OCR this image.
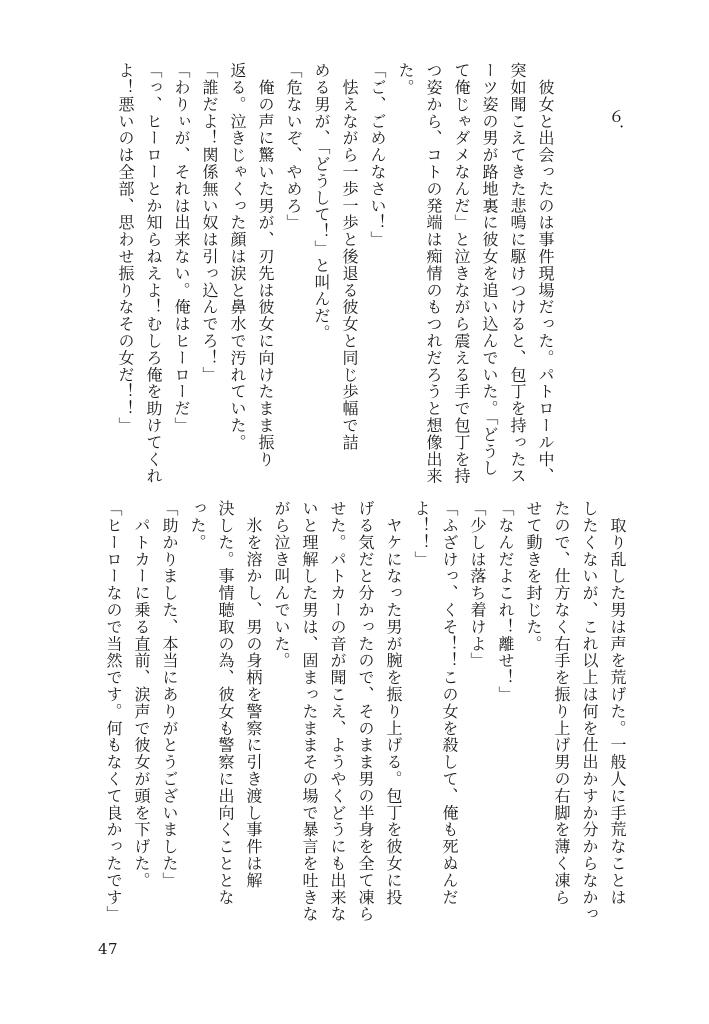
６．
　彼女と出会ったのは事件現場だった。パトロール中、
突如聞こえてきた悲鳴に駆けつけると、包丁を持ったス
ーツ姿の男が路地裏に彼女を追い込んでいた。「どうし
て俺じゃダメなんだ」と泣きながら震える手で包丁を持
つ姿から、コトの発端は痴情のもつれだろうと想像出来
た。
「ご、ごめんなさい！」
　怯えながら一歩一歩と後退る彼女と同じ歩幅で詰
める男が、「どうして！」と叫んだ。
「危ないぞ、やめろ」
　俺の声に驚いた男が、刃先は彼女に向けたまま振り
返る。泣きじゃくった顔は涙と鼻水で汚れていた。
「誰だよ！関係無い奴は引っ込んでろ！」
「わりぃが、それは出来ない。俺はヒーローだ」
「っ、ヒーローとか知らねえよ！むしろ俺を助けてくれ
よ！悪いのは全部、思わせ振りなその女だ！！」
　取り乱した男は声を荒げた。一般人に手荒なことは
したくないが、これ以上は何を仕出かすか分からなかっ
たので、仕方なく右手を振り上げ男の右脚を薄く凍ら
せて動きを封じた。
「なんだよこれ！離せ！」
「少しは落ち着けよ」
「ふざけっ、くそ！！この女を殺して、俺も死ぬんだ
よ！！」
　ヤケになった男が腕を振り上げる。包丁を彼女に投
げる気だと分かったので、そのまま男の半身を全て凍ら
せた。パトカーの音が聞こえ、ようやくどうにも出来な
いと理解した男は、固まったままその場で暴言を吐きな
がら泣き叫んでいた。
　氷を溶かし、男の身柄を警察に引き渡し事件は解
決した。事情聴取の為、彼女も警察に出向くこととな
った。
「助かりました、本当にありがとうございました」
　パトカーに乗る直前、涙声で彼女が頭を下げた。
「ヒーローなので当然です。何もなくて良かったです」
47
